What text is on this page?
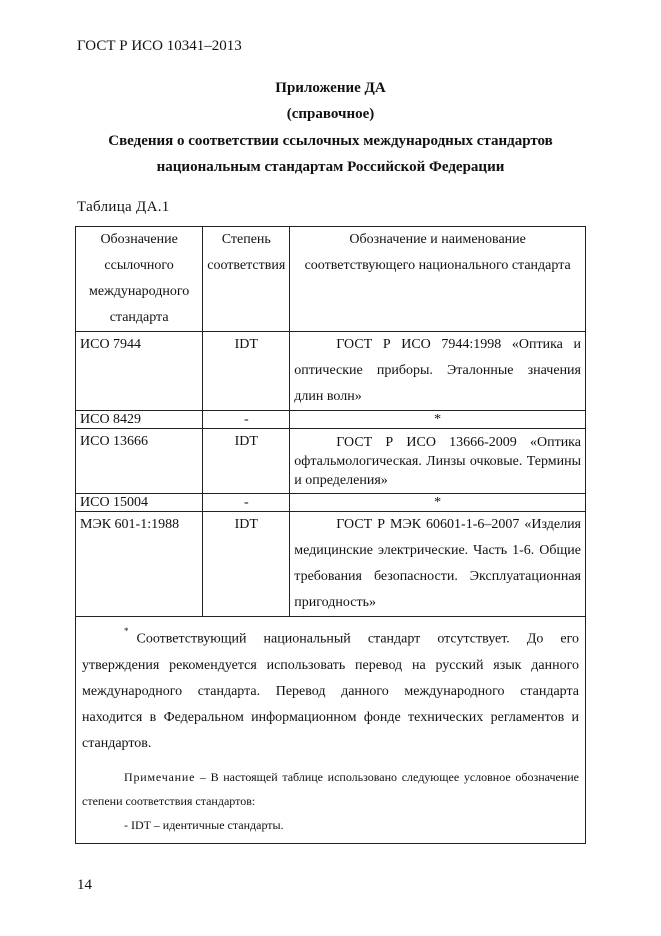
ГОСТ Р ИСО 10341–2013
Приложение ДА
(справочное)
Сведения о соответствии ссылочных международных стандартов
национальным стандартам Российской Федерации
Таблица ДА.1
Обозначение ссылочного международного стандарта	Степень соответствия	Обозначение и наименование соответствующего национального стандарта
ИСО 7944	IDT	ГОСТ Р ИСО 7944:1998 «Оптика и оптические приборы. Эталонные значения длин волн»
ИСО 8429	-	*
ИСО 13666	IDT	ГОСТ Р ИСО 13666-2009 «Оптика офтальмологическая. Линзы очковые. Термины и определения»
ИСО 15004	-	*
МЭК 601-1:1988	IDT	ГОСТ Р МЭК 60601-1-6–2007 «Изделия медицинские электрические. Часть 1-6. Общие требования безопасности. Эксплуатационная пригодность»

*Соответствующий национальный стандарт отсутствует. До его утверждения рекомендуется использовать перевод на русский язык данного международного стандарта. Перевод данного международного стандарта находится в Федеральном информационном фонде технических регламентов и стандартов.
Примечание – В настоящей таблице использовано следующее условное обозначение степени соответствия стандартов:
- IDT – идентичные стандарты.		
14
